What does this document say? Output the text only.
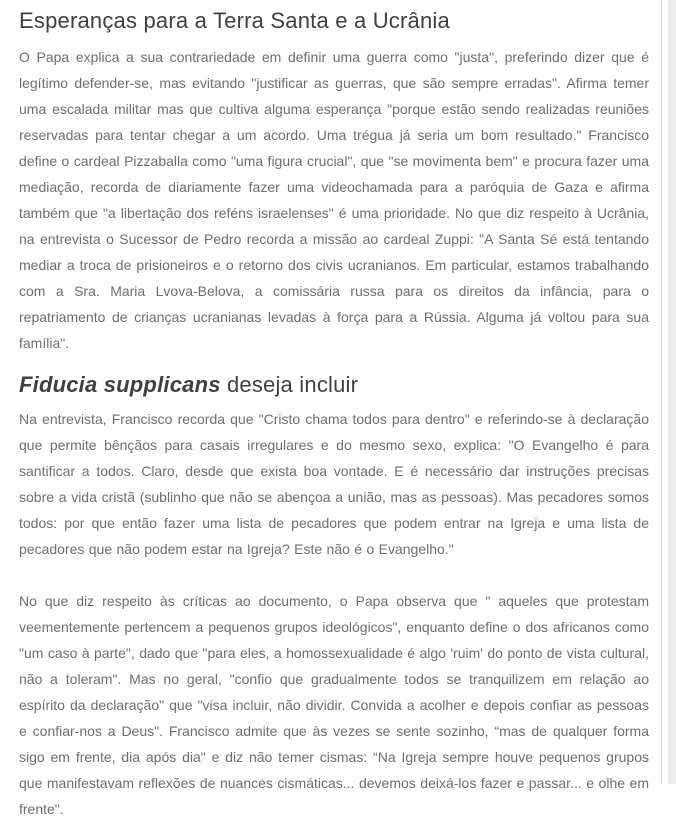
Esperanças para a Terra Santa e a Ucrânia

O Papa explica a sua contrariedade em definir uma guerra como "justa", preferindo dizer que é legítimo defender-se, mas evitando "justificar as guerras, que são sempre erradas". Afirma temer uma escalada militar mas que cultiva alguma esperança "porque estão sendo realizadas reuniões reservadas para tentar chegar a um acordo. Uma trégua já seria um bom resultado." Francisco define o cardeal Pizzaballa como "uma figura crucial", que "se movimenta bem" e procura fazer uma mediação, recorda de diariamente fazer uma videochamada para a paróquia de Gaza e afirma também que "a libertação dos reféns israelenses" é uma prioridade. No que diz respeito à Ucrânia, na entrevista o Sucessor de Pedro recorda a missão ao cardeal Zuppi: "A Santa Sé está tentando mediar a troca de prisioneiros e o retorno dos civis ucranianos. Em particular, estamos trabalhando com a Sra. Maria Lvova-Belova, a comissária russa para os direitos da infância, para o repatriamento de crianças ucranianas levadas à força para a Rússia. Alguma já voltou para sua família".

Fiducia supplicans deseja incluir

Na entrevista, Francisco recorda que "Cristo chama todos para dentro" e referindo-se à declaração que permite bênçãos para casais irregulares e do mesmo sexo, explica: "O Evangelho é para santificar a todos. Claro, desde que exista boa vontade. E é necessário dar instruções precisas sobre a vida cristã (sublinho que não se abençoa a união, mas as pessoas). Mas pecadores somos todos: por que então fazer uma lista de pecadores que podem entrar na Igreja e uma lista de pecadores que não podem estar na Igreja? Este não é o Evangelho."

No que diz respeito às críticas ao documento, o Papa observa que " aqueles que protestam veementemente pertencem a pequenos grupos ideológicos", enquanto define o dos africanos como "um caso à parte", dado que "para eles, a homossexualidade é algo 'ruim' do ponto de vista cultural, não a toleram". Mas no geral, "confio que gradualmente todos se tranquilizem em relação ao espírito da declaração" que "visa incluir, não dividir. Convida a acolher e depois confiar as pessoas e confiar-nos a Deus". Francisco admite que às vezes se sente sozinho, “mas de qualquer forma sigo em frente, dia após dia" e diz não temer cismas: “Na Igreja sempre houve pequenos grupos que manifestavam reflexões de nuances cismáticas... devemos deixá-los fazer e passar... e olhe em frente".
